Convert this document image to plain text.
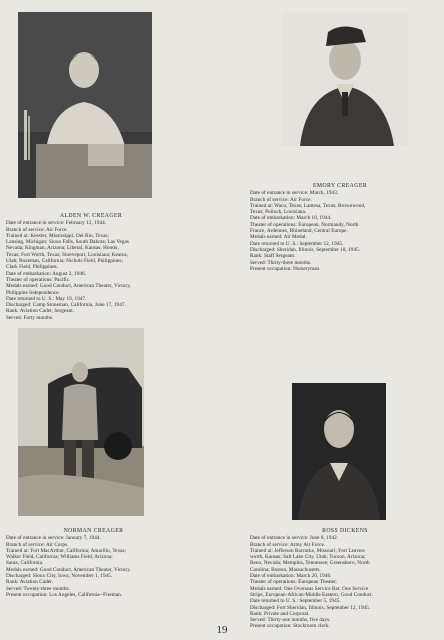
ALDEN W. CREAGER
Date of entrance in service: February 12, 1944.
Branch of service: Air Force.
Trained at: Keesler, Mississippi; Del Rio, Texas;
Lansing, Michigan; Sioux Falls, South Dakota; Las Vegas
Nevada; Kingman, Arizona; Liberal, Kansas; Hondo,
Texas; Fort Worth, Texas; Shreveport, Louisiana; Kearns,
Utah; Bozeman, California; Nichols Field, Philippines;
Clark Field, Philippines.
Date of embarkation: August 2, 1946.
Theater of operations: Pacific.
Medals earned: Good Conduct, American Theater, Victory,
Philippine Independence.
Date returned to U. S.: May 19, 1947.
Discharged: Camp Stoneman, California, June 17, 1947.
Rank: Aviation Cadet, Sergeant.
Served: Forty months.
EMORY CREAGER
Date of entrance in service: March, 1943.
Branch of service: Air Force.
Trained at: Waco, Texas; Lamesa, Texas; Brownwood,
Texas; Pollock, Louisiana.
Date of embarkation: March 10, 1944.
Theater of operations: European, Normandy, North
France, Ardennes, Rhineland, Central Europe.
Medals earned: Air Medal.
Date returned to U. S.: September 12, 1945.
Discharged: Sheridan, Illinois, September 18, 1945.
Rank: Staff Sergeant.
Served: Thirty-three months.
Present occupation: Nurseryman.
NORMAN CREAGER
Date of entrance in service: January 7, 1944.
Branch of service: Air Corps.
Trained at: Fort MacArthur, California; Amarillo, Texas;
Walker Field, California; Williams Field, Arizona;
Santa, California.
Medals earned: Good Conduct, American Theater, Victory.
Discharged: Sioux City, Iowa, November 1, 1945.
Rank: Aviation Cadet.
Served: Twenty-three months.
Present occupation: Los Angeles, California--Fireman.
ROSS DICKENS
Date of entrance in service: June 8, 1942.
Branch of service: Army Air Force.
Trained at: Jefferson Barracks, Missouri; Fort Leaven-
worth, Kansas; Salt Lake City, Utah; Tucson, Arizona;
Reno, Nevada; Memphis, Tennessee; Greensboro, North
Carolina; Boston, Massachusetts.
Date of embarkation: March 20, 1946.
Theater of operations: European Theater.
Medals earned: One Overseas Service Bar, One Service
Stripe, European-African-Middle Eastern, Good Conduct.
Date returned to U. S.: September 5, 1945.
Discharged: Fort Sheridan, Illinois, September 12, 1945.
Rank: Private and Corporal.
Served: Thirty-one months, five days.
Present occupation: Stockroom clerk.
19
